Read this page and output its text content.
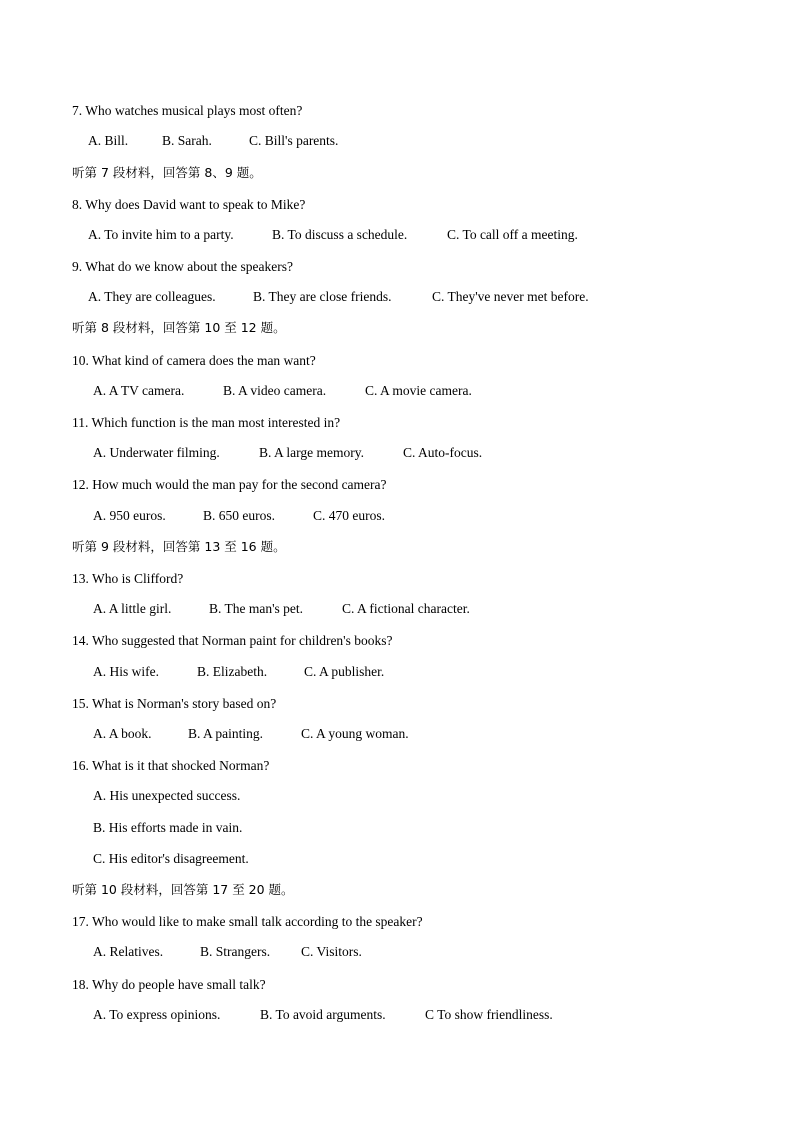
7. Who watches musical plays most often?
A. Bill.	B. Sarah.	C. Bill's parents.
听第 7 段材料，回答第 8、9 题。
8. Why does David want to speak to Mike?
A. To invite him to a party.	B. To discuss a schedule.	C. To call off a meeting.
9. What do we know about the speakers?
A. They are colleagues.	B. They are close friends.	C. They've never met before.
听第 8 段材料，回答第 10 至 12 题。
10. What kind of camera does the man want?
A. A TV camera.	B. A video camera.	C. A movie camera.
11. Which function is the man most interested in?
A. Underwater filming.	B. A large memory.	C. Auto-focus.
12. How much would the man pay for the second camera?
A. 950 euros.	B. 650 euros.	C. 470 euros.
听第 9 段材料，回答第 13 至 16 题。
13. Who is Clifford?
A. A little girl.	B. The man's pet.	C. A fictional character.
14. Who suggested that Norman paint for children's books?
A. His wife.	B. Elizabeth.	C. A publisher.
15. What is Norman's story based on?
A. A book.	B. A painting.	C. A young woman.
16. What is it that shocked Norman?
A. His unexpected success.
B. His efforts made in vain.
C. His editor's disagreement.
听第 10 段材料，回答第 17 至 20 题。
17. Who would like to make small talk according to the speaker?
A. Relatives.	B. Strangers. C. Visitors.
18. Why do people have small talk?
A. To express opinions.	B. To avoid arguments.	C To show friendliness.
